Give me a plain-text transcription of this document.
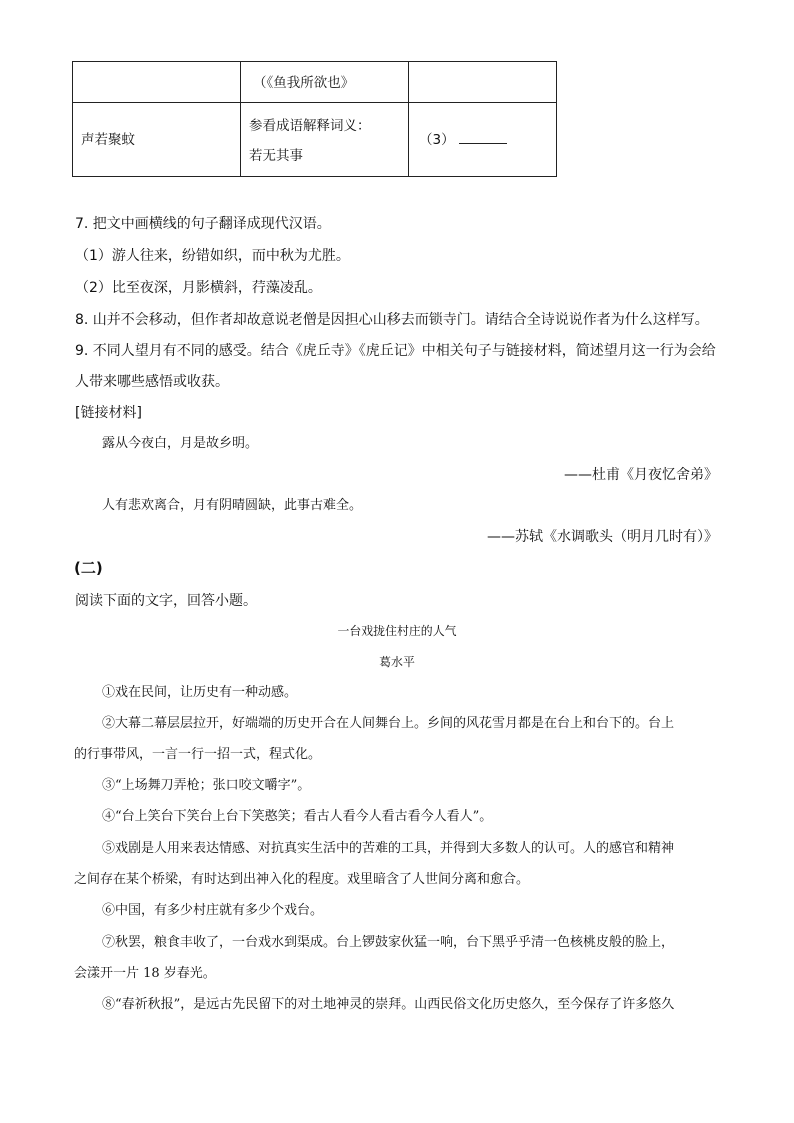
（《鱼我所欲也》
声若聚蚊
参看成语解释词义：
若无其事
（3）
7. 把文中画横线的句子翻译成现代汉语。
（1）游人往来，纷错如织，而中秋为尤胜。
（2）比至夜深，月影横斜，荇藻凌乱。
8. 山并不会移动，但作者却故意说老僧是因担心山移去而锁寺门。请结合全诗说说作者为什么这样写。
9. 不同人望月有不同的感受。结合《虎丘寺》《虎丘记》中相关句子与链接材料，简述望月这一行为会给
人带来哪些感悟或收获。
[链接材料]
露从今夜白，月是故乡明。
——杜甫《月夜忆舍弟》
人有悲欢离合，月有阴晴圆缺，此事古难全。
——苏轼《水调歌头（明月几时有）》
(二)
阅读下面的文字，回答小题。
一台戏拢住村庄的人气
葛水平
①戏在民间，让历史有一种动感。
②大幕二幕层层拉开，好端端的历史开合在人间舞台上。乡间的风花雪月都是在台上和台下的。台上
的行事带风，一言一行一招一式，程式化。
③“上场舞刀弄枪；张口咬文嚼字”。
④“台上笑台下笑台上台下笑憨笑；看古人看今人看古看今人看人”。
⑤戏剧是人用来表达情感、对抗真实生活中的苦难的工具，并得到大多数人的认可。人的感官和精神
之间存在某个桥梁，有时达到出神入化的程度。戏里暗含了人世间分离和愈合。
⑥中国，有多少村庄就有多少个戏台。
⑦秋罢，粮食丰收了，一台戏水到渠成。台上锣鼓家伙猛一响，台下黑乎乎清一色核桃皮般的脸上，
会漾开一片 18 岁春光。
⑧“春祈秋报”，是远古先民留下的对土地神灵的崇拜。山西民俗文化历史悠久，至今保存了许多悠久
